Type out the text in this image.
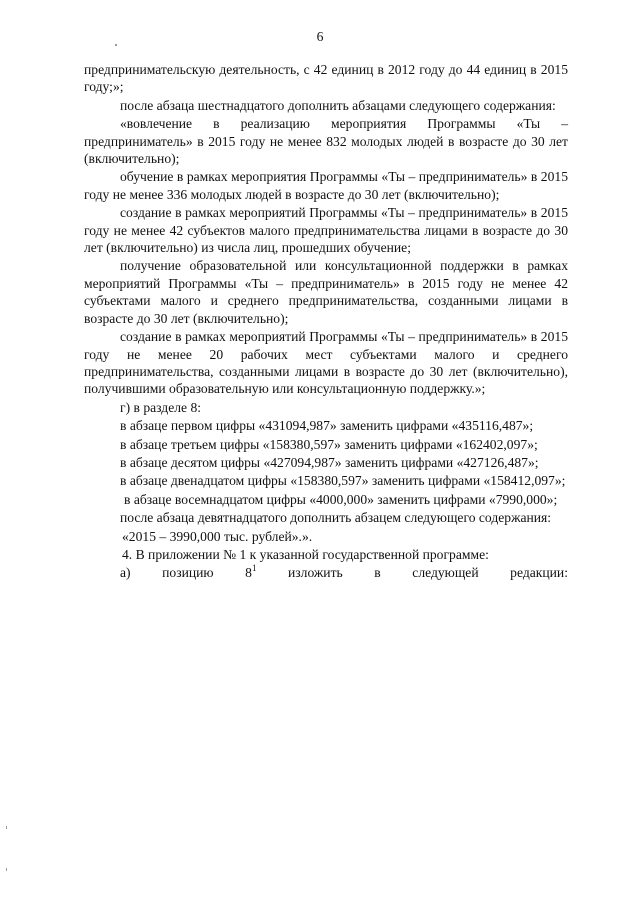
6

предпринимательскую деятельность, с 42 единиц в 2012 году до 44 единиц в 2015 году;»;

после абзаца шестнадцатого дополнить абзацами следующего содержания:

«вовлечение в реализацию мероприятия Программы «Ты – предприниматель» в 2015 году не менее 832 молодых людей в возрасте до 30 лет (включительно);

обучение в рамках мероприятия Программы «Ты – предприниматель» в 2015 году не менее 336 молодых людей в возрасте до 30 лет (включительно);

создание в рамках мероприятий Программы «Ты – предприниматель» в 2015 году не менее 42 субъектов малого предпринимательства лицами в возрасте до 30 лет (включительно) из числа лиц, прошедших обучение;

получение образовательной или консультационной поддержки в рамках мероприятий Программы «Ты – предприниматель» в 2015 году не менее 42 субъектами малого и среднего предпринимательства, созданными лицами в возрасте до 30 лет (включительно);

создание в рамках мероприятий Программы «Ты – предприниматель» в 2015 году не менее 20 рабочих мест субъектами малого и среднего предпринимательства, созданными лицами в возрасте до 30 лет (включительно), получившими образовательную или консультационную поддержку.»;

г) в разделе 8:

в абзаце первом цифры «431094,987» заменить цифрами «435116,487»;

в абзаце третьем цифры «158380,597» заменить цифрами «162402,097»;

в абзаце десятом цифры «427094,987» заменить цифрами «427126,487»;

в абзаце двенадцатом цифры «158380,597» заменить цифрами «158412,097»;

в абзаце восемнадцатом цифры «4000,000» заменить цифрами «7990,000»;

после абзаца девятнадцатого дополнить абзацем следующего содержания:

«2015 – 3990,000 тыс. рублей».».

4. В приложении № 1 к указанной государственной программе:

а) позицию $8^1$ изложить в следующей редакции:
